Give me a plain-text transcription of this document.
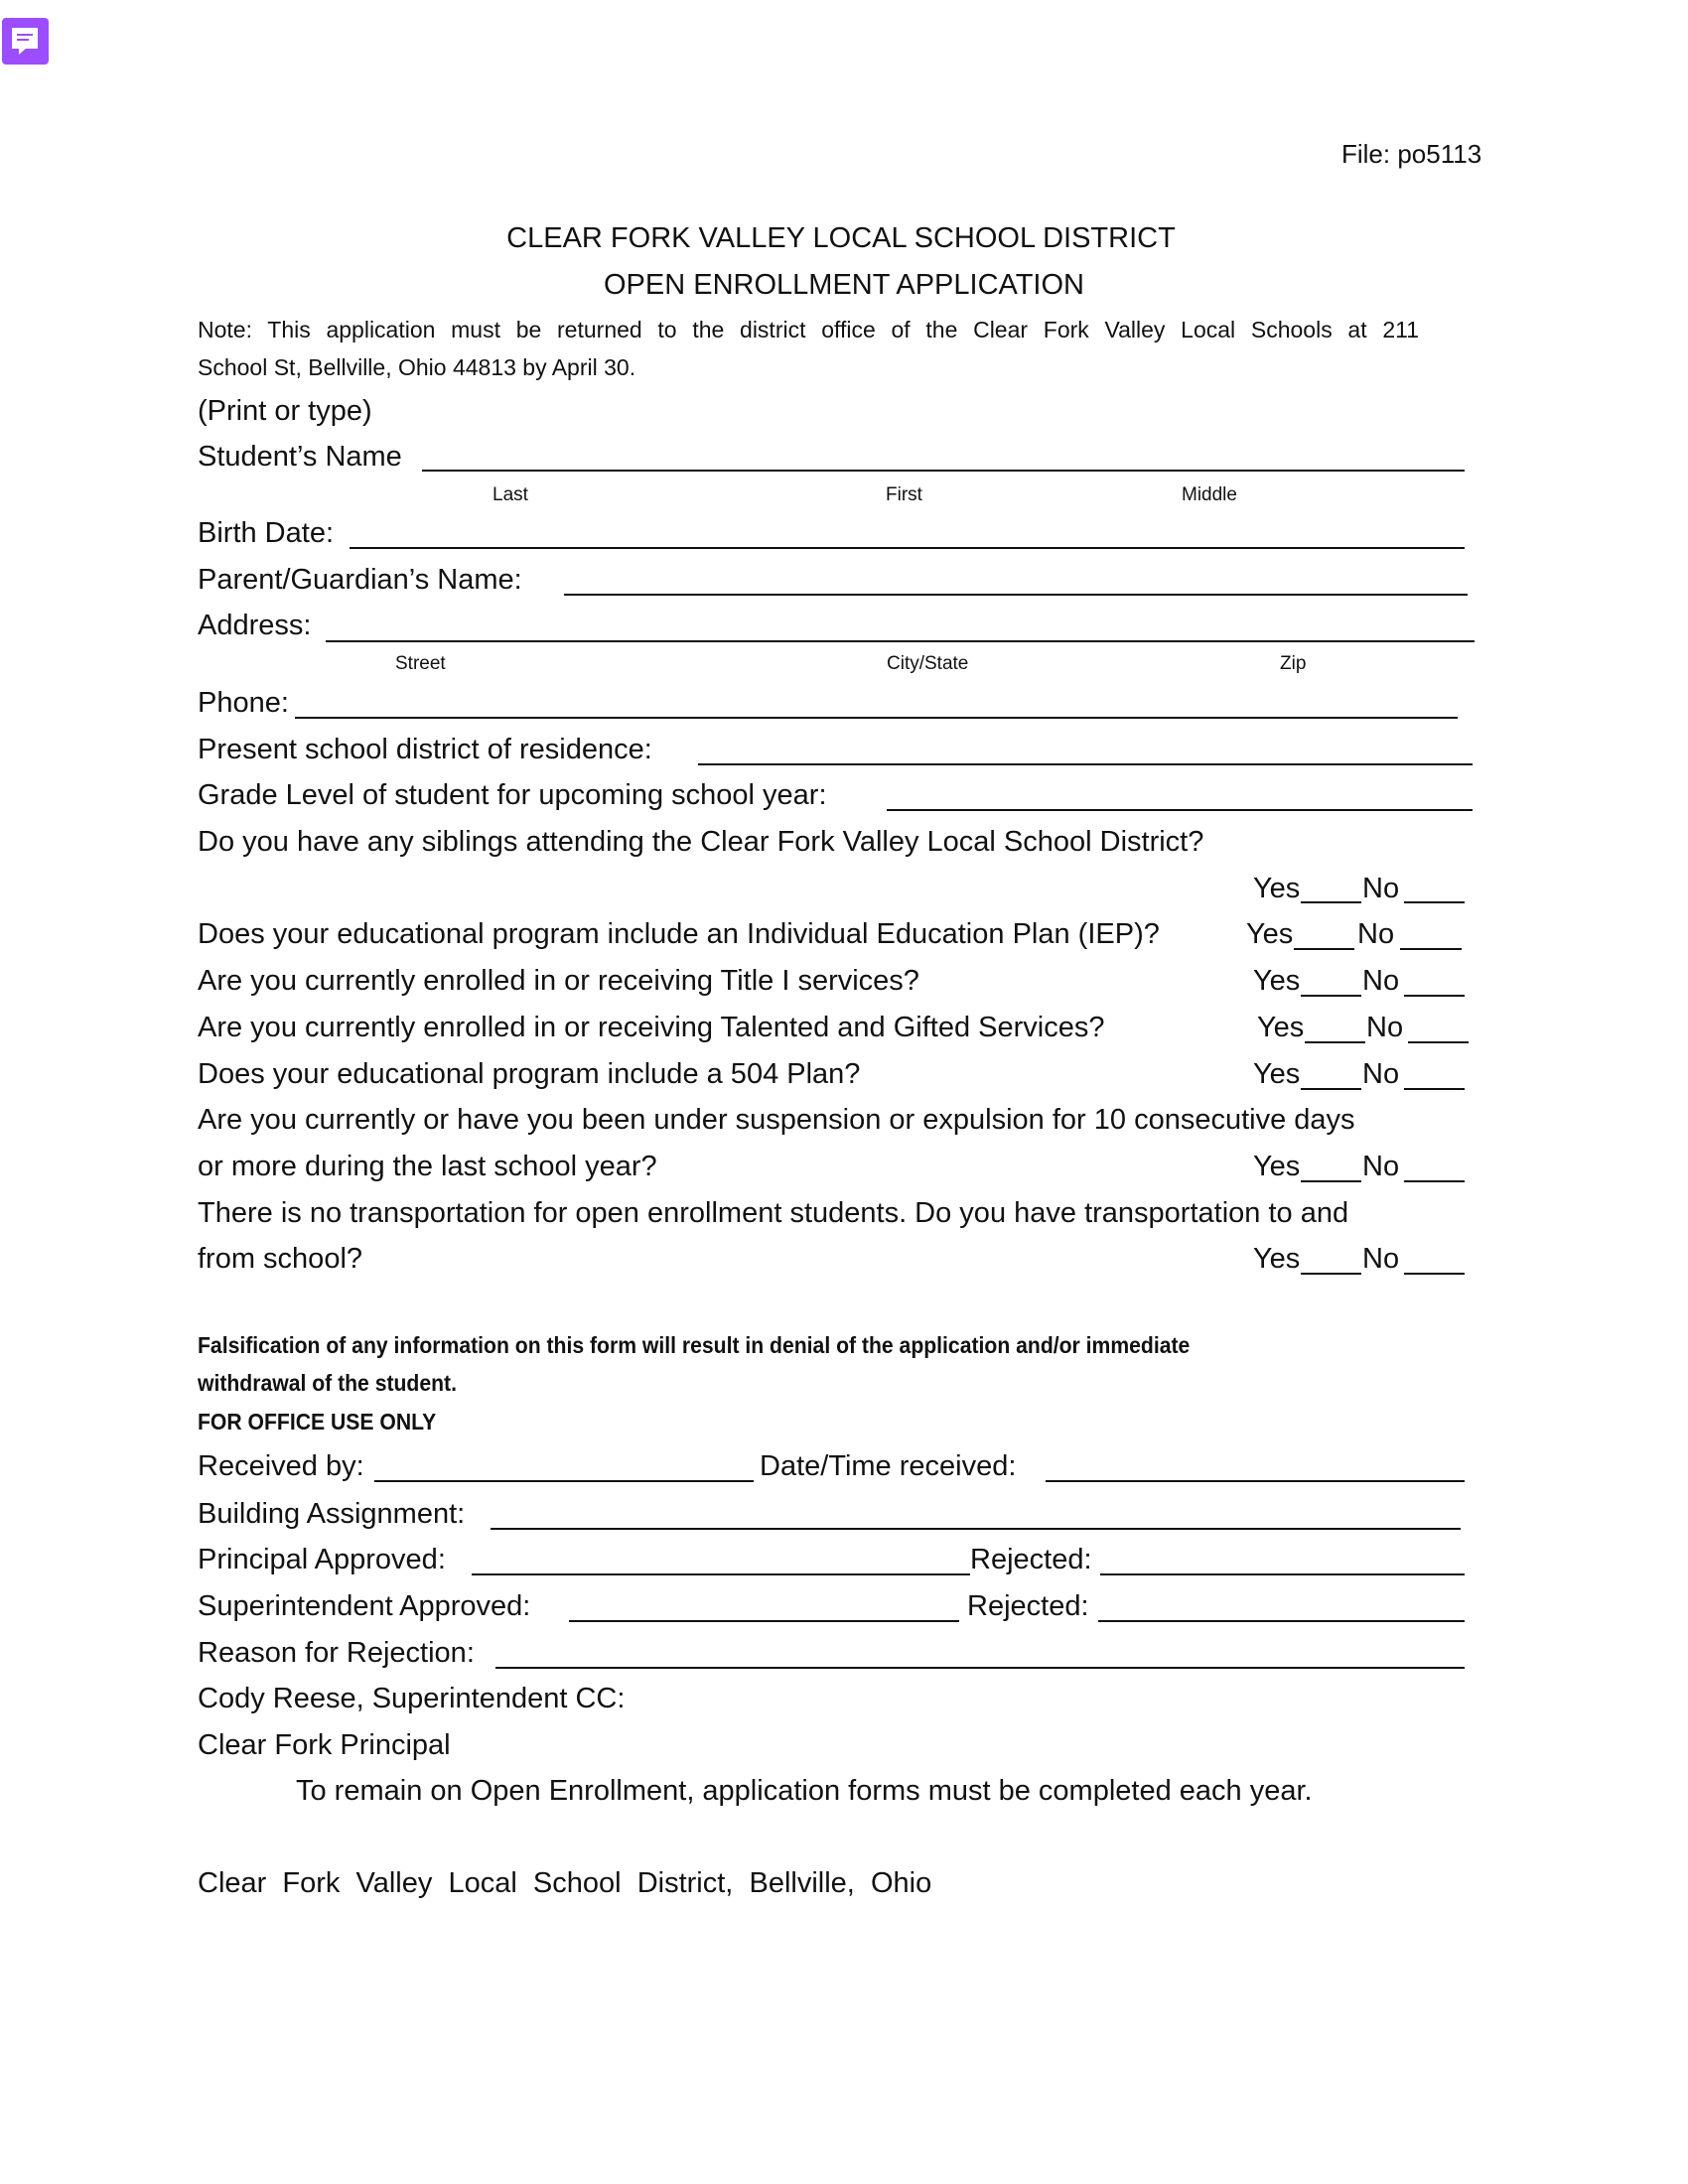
File: po5113
CLEAR FORK VALLEY LOCAL SCHOOL DISTRICT
OPEN ENROLLMENT APPLICATION
Note: This application must be returned to the district office of the Clear Fork Valley Local Schools at 211
School St, Bellville, Ohio 44813 by April 30.
(Print or type)
Student’s Name
Last	First	Middle
Birth Date:
Parent/Guardian’s Name:
Address:
Street	City/State	Zip
Phone:
Present school district of residence:
Grade Level of student for upcoming school year:
Do you have any siblings attending the Clear Fork Valley Local School District?
Yes No
Does your educational program include an Individual Education Plan (IEP)?	Yes No
Are you currently enrolled in or receiving Title I services?	Yes No
Are you currently enrolled in or receiving Talented and Gifted Services?	Yes No
Does your educational program include a 504 Plan?	Yes No
Are you currently or have you been under suspension or expulsion for 10 consecutive days
or more during the last school year?	Yes No
There is no transportation for open enrollment students. Do you have transportation to and
from school?	Yes No
Falsification of any information on this form will result in denial of the application and/or immediate
withdrawal of the student.
FOR OFFICE USE ONLY
Received by:	Date/Time received:
Building Assignment:
Principal Approved:	Rejected:
Superintendent Approved:	Rejected:
Reason for Rejection:
Cody Reese, Superintendent CC:
Clear Fork Principal
To remain on Open Enrollment, application forms must be completed each year.
Clear  Fork  Valley  Local  School  District,  Bellville,  Ohio
